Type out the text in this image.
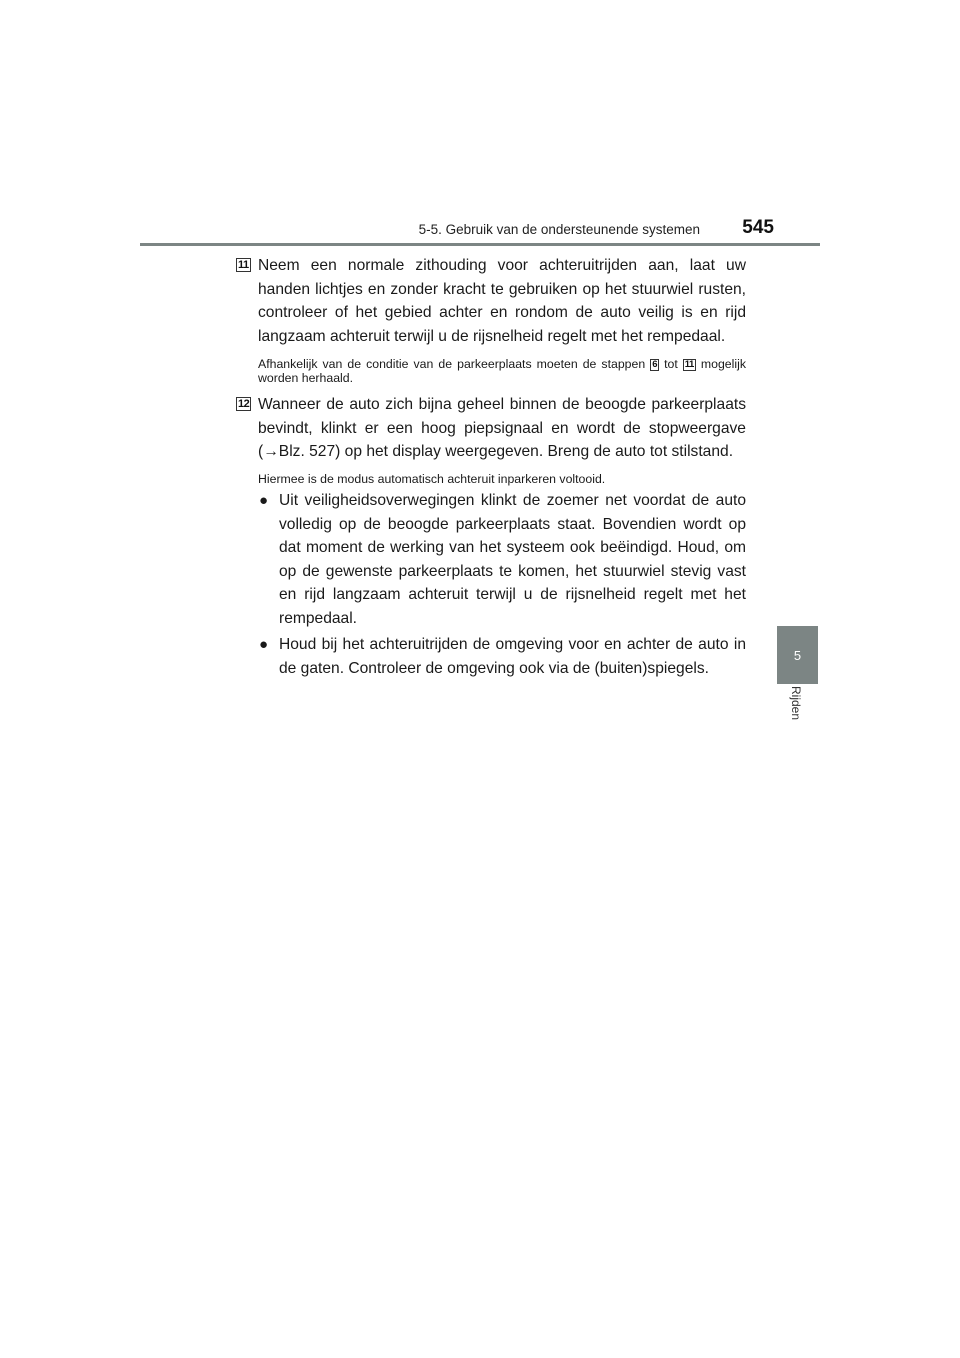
5-5. Gebruik van de ondersteunende systemen 545
5
Rijden
11 Neem een normale zithouding voor achteruitrijden aan, laat uw handen lichtjes en zonder kracht te gebruiken op het stuurwiel rusten, controleer of het gebied achter en rondom de auto veilig is en rijd langzaam achteruit terwijl u de rijsnelheid regelt met het rempedaal.

Afhankelijk van de conditie van de parkeerplaats moeten de stappen 6 tot 11 mogelijk worden herhaald.

12 Wanneer de auto zich bijna geheel binnen de beoogde parkeerplaats bevindt, klinkt er een hoog piepsignaal en wordt de stopweergave (→Blz. 527) op het display weergegeven. Breng de auto tot stilstand.

Hiermee is de modus automatisch achteruit inparkeren voltooid.

● Uit veiligheidsoverwegingen klinkt de zoemer net voordat de auto volledig op de beoogde parkeerplaats staat. Bovendien wordt op dat moment de werking van het systeem ook beëindigd. Houd, om op de gewenste parkeerplaats te komen, het stuurwiel stevig vast en rijd langzaam achteruit terwijl u de rijsnelheid regelt met het rempedaal.
● Houd bij het achteruitrijden de omgeving voor en achter de auto in de gaten. Controleer de omgeving ook via de (buiten)spiegels.
